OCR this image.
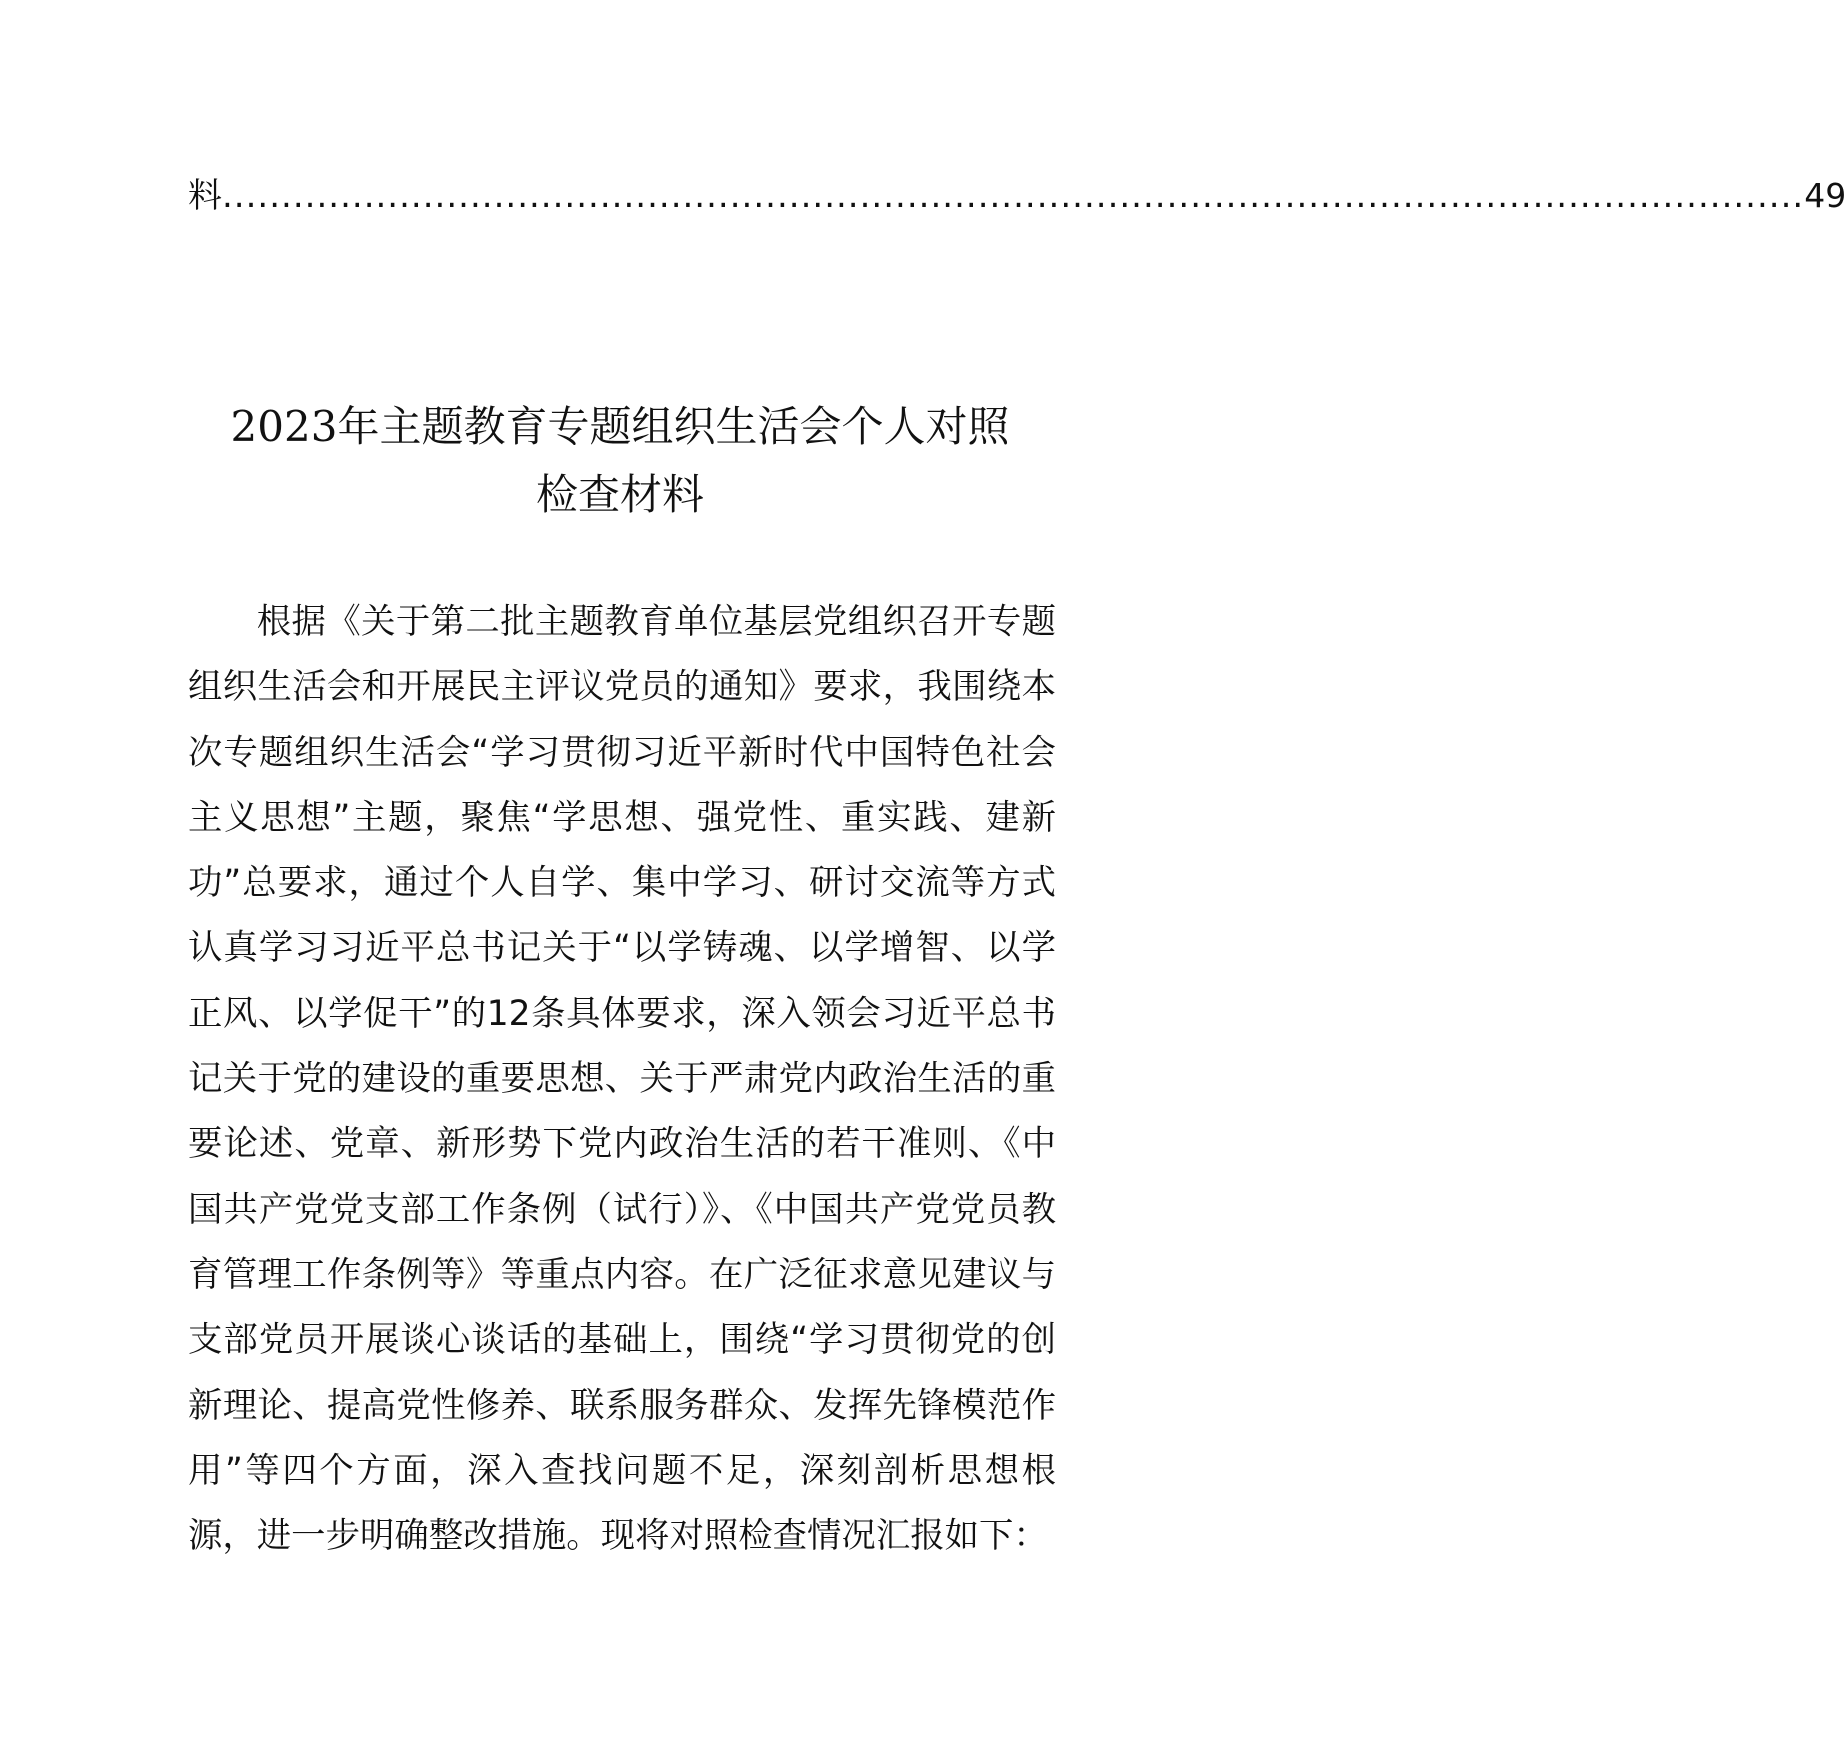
料 ...................................................................................................................................... 49
2023年主题教育专题组织生活会个人对照
检查材料

根据《关于第二批主题教育单位基层党组织召开专题组织生活会和开展民主评议党员的通知》要求，我围绕本次专题组织生活会“学习贯彻习近平新时代中国特色社会主义思想”主题，聚焦“学思想、强党性、重实践、建新功”总要求，通过个人自学、集中学习、研讨交流等方式认真学习习近平总书记关于“以学铸魂、以学增智、以学正风、以学促干”的12条具体要求，深入领会习近平总书记关于党的建设的重要思想、关于严肃党内政治生活的重要论述、党章、新形势下党内政治生活的若干准则、《中国共产党党支部工作条例（试行）》、《中国共产党党员教育管理工作条例等》等重点内容。在广泛征求意见建议与支部党员开展谈心谈话的基础上，围绕“学习贯彻党的创新理论、提高党性修养、联系服务群众、发挥先锋模范作用”等四个方面，深入查找问题不足，深刻剖析思想根源，进一步明确整改措施。现将对照检查情况汇报如下：
